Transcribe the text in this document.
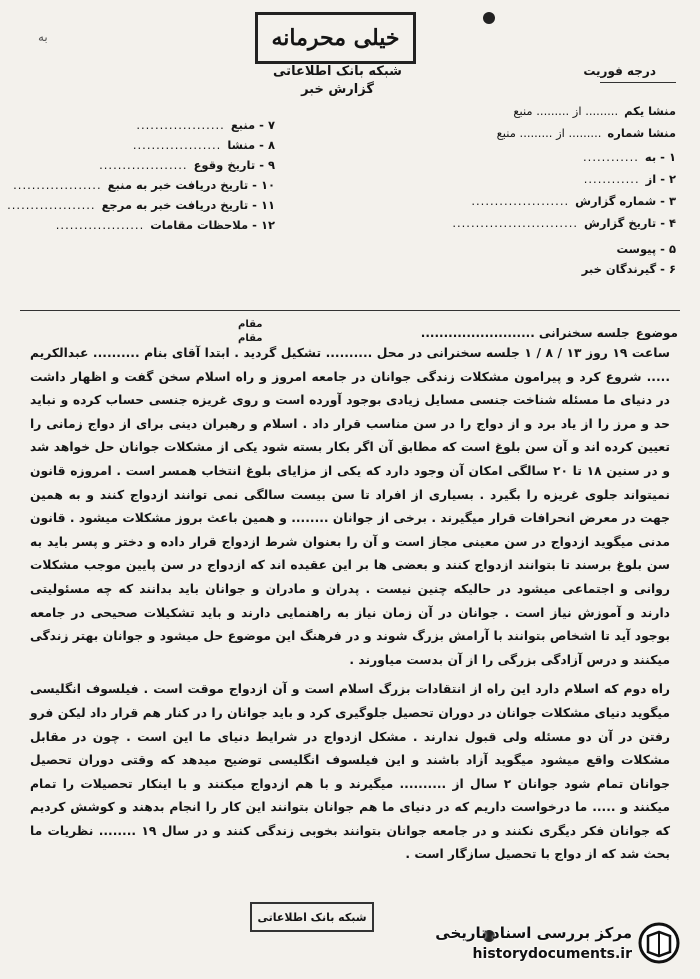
به	خیلی محرمانه
شبکه بانک اطلاعاتی
گزارش خبر
درجه فوریت
منشا یکم
......... از ......... منبع
منشا شماره
......... از ......... منبع
۱ - به
............
۲ - از
............
۳ - شماره گزارش
.....................
۴ - تاریخ گزارش
...........................
۵ - پیوست
۶ - گیرندگان خبر
۷ - منبع
...................
۸ - منشا
...................
۹ - تاریخ وقوع
...................
۱۰ - تاریخ دریافت خبر به منبع
...................
۱۱ - تاریخ دریافت خبر به مرجع
...................
۱۲ - ملاحظات مقامات
...................
موضوع
جلسه سخنرانی .........................
مقام
مقام

ساعت ۱۹ روز ۱۳ / ۸ / ۱ جلسه سخنرانی در محل .......... تشکیل گردید . ابتدا آقای بنام .......... عبدالکریم ..... شروع کرد و پیرامون مشکلات زندگی جوانان در جامعه امروز و راه اسلام سخن گفت و اظهار داشت در دنیای ما مسئله شناخت جنسی مسایل زیادی بوجود آورده است و روی غریزه جنسی حساب کرده و نباید حد و مرز را از یاد برد و از دواج را در سن مناسب قرار داد . اسلام و رهبران دینی برای از دواج زمانی را تعیین کرده اند و آن سن بلوغ است که مطابق آن اگر بکار بسته شود یکی از مشکلات جوانان حل خواهد شد و در سنین ۱۸ تا ۲۰ سالگی امکان آن وجود دارد که یکی از مزایای بلوغ انتخاب همسر است . امروزه قانون نمیتواند جلوی غریزه را بگیرد . بسیاری از افراد تا سن بیست سالگی نمی توانند ازدواج کنند و به همین جهت در معرض انحرافات قرار میگیرند . برخی از جوانان ........ و همین باعث بروز مشکلات میشود . قانون مدنی میگوید ازدواج در سن معینی مجاز است و آن را بعنوان شرط ازدواج قرار داده و دختر و پسر باید به سن بلوغ برسند تا بتوانند ازدواج کنند و بعضی ها بر این عقیده اند که ازدواج در سن پایین موجب مشکلات روانی و اجتماعی میشود در حالیکه چنین نیست . پدران و مادران و جوانان باید بدانند که چه مسئولیتی دارند و آموزش نیاز است . جوانان در آن زمان نیاز به راهنمایی دارند و باید تشکیلات صحیحی در جامعه بوجود آید تا اشخاص بتوانند با آرامش بزرگ شوند و در فرهنگ این موضوع حل میشود و جوانان بهتر زندگی میکنند و درس آزادگی بزرگی را از آن بدست میاورند .

راه دوم که اسلام دارد این راه از انتقادات بزرگ اسلام است و آن ازدواج موقت است . فیلسوف انگلیسی میگوید دنیای مشکلات جوانان در دوران تحصیل جلوگیری کرد و باید جوانان را در کنار هم قرار داد لیکن فرو رفتن در آن دو مسئله ولی قبول ندارند . مشکل ازدواج در شرایط دنیای ما این است . چون در مقابل مشکلات واقع میشود میگوید آزاد باشند و این فیلسوف انگلیسی توضیح میدهد که وقتی دوران تحصیل جوانان تمام شود جوانان ۲ سال از .......... میگیرند و با هم ازدواج میکنند و با اینکار تحصیلات را تمام میکنند و ..... ما درخواست داریم که در دنیای ما هم جوانان بتوانند این کار را انجام بدهند و کوشش کردیم که جوانان فکر دیگری نکنند و در جامعه جوانان بتوانند بخوبی زندگی کنند و در سال ۱۹ ........ نظریات ما بحث شد که از دواج با تحصیل سازگار است .

شبکه بانک اطلاعاتی
مرکز بررسی اسناد تاریخی
historydocuments.ir
